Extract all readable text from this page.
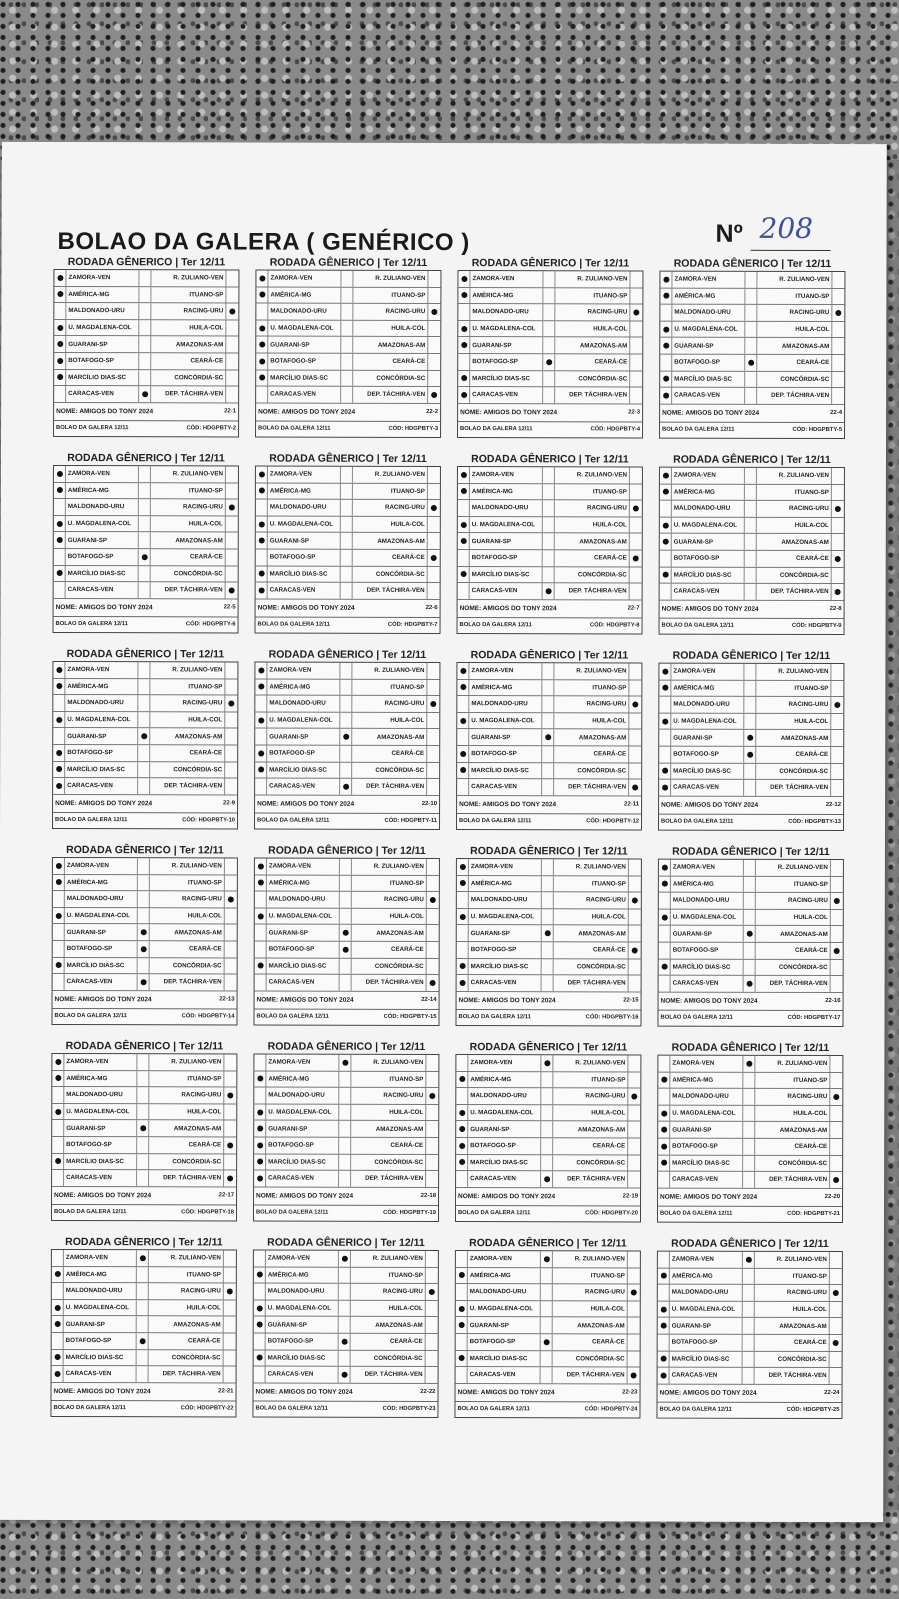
BOLAO DA GALERA ( GENÉRICO )	Nº 208
RODADA GÊNERICO | Ter 12/11
ZAMORA-VEN	R. ZULIANO-VEN
AMÉRICA-MG	ITUANO-SP
MALDONADO-URU	RACING-URU
U. MAGDALENA-COL	HUILA-COL
GUARANI-SP	AMAZONAS-AM
BOTAFOGO-SP	CEARÁ-CE
MARCÍLIO DIAS-SC	CONCÓRDIA-SC
CARACAS-VEN	DEP. TÁCHIRA-VEN
NOME: AMIGOS DO TONY 2024	22-1
BOLAO DA GALERA 12/11	CÓD: HDGPBTY-2
RODADA GÊNERICO | Ter 12/11
ZAMORA-VEN	R. ZULIANO-VEN
AMÉRICA-MG	ITUANO-SP
MALDONADO-URU	RACING-URU
U. MAGDALENA-COL	HUILA-COL
GUARANI-SP	AMAZONAS-AM
BOTAFOGO-SP	CEARÁ-CE
MARCÍLIO DIAS-SC	CONCÓRDIA-SC
CARACAS-VEN	DEP. TÁCHIRA-VEN
NOME: AMIGOS DO TONY 2024	22-2
BOLAO DA GALERA 12/11	CÓD: HDGPBTY-3
RODADA GÊNERICO | Ter 12/11
ZAMORA-VEN	R. ZULIANO-VEN
AMÉRICA-MG	ITUANO-SP
MALDONADO-URU	RACING-URU
U. MAGDALENA-COL	HUILA-COL
GUARANI-SP	AMAZONAS-AM
BOTAFOGO-SP	CEARÁ-CE
MARCÍLIO DIAS-SC	CONCÓRDIA-SC
CARACAS-VEN	DEP. TÁCHIRA-VEN
NOME: AMIGOS DO TONY 2024	22-3
BOLAO DA GALERA 12/11	CÓD: HDGPBTY-4
RODADA GÊNERICO | Ter 12/11
ZAMORA-VEN	R. ZULIANO-VEN
AMÉRICA-MG	ITUANO-SP
MALDONADO-URU	RACING-URU
U. MAGDALENA-COL	HUILA-COL
GUARANI-SP	AMAZONAS-AM
BOTAFOGO-SP	CEARÁ-CE
MARCÍLIO DIAS-SC	CONCÓRDIA-SC
CARACAS-VEN	DEP. TÁCHIRA-VEN
NOME: AMIGOS DO TONY 2024	22-4
BOLAO DA GALERA 12/11	CÓD: HDGPBTY-5
RODADA GÊNERICO | Ter 12/11
ZAMORA-VEN	R. ZULIANO-VEN
AMÉRICA-MG	ITUANO-SP
MALDONADO-URU	RACING-URU
U. MAGDALENA-COL	HUILA-COL
GUARANI-SP	AMAZONAS-AM
BOTAFOGO-SP	CEARÁ-CE
MARCÍLIO DIAS-SC	CONCÓRDIA-SC
CARACAS-VEN	DEP. TÁCHIRA-VEN
NOME: AMIGOS DO TONY 2024	22-5
BOLAO DA GALERA 12/11	CÓD: HDGPBTY-6
RODADA GÊNERICO | Ter 12/11
ZAMORA-VEN	R. ZULIANO-VEN
AMÉRICA-MG	ITUANO-SP
MALDONADO-URU	RACING-URU
U. MAGDALENA-COL	HUILA-COL
GUARANI-SP	AMAZONAS-AM
BOTAFOGO-SP	CEARÁ-CE
MARCÍLIO DIAS-SC	CONCÓRDIA-SC
CARACAS-VEN	DEP. TÁCHIRA-VEN
NOME: AMIGOS DO TONY 2024	22-6
BOLAO DA GALERA 12/11	CÓD: HDGPBTY-7
RODADA GÊNERICO | Ter 12/11
ZAMORA-VEN	R. ZULIANO-VEN
AMÉRICA-MG	ITUANO-SP
MALDONADO-URU	RACING-URU
U. MAGDALENA-COL	HUILA-COL
GUARANI-SP	AMAZONAS-AM
BOTAFOGO-SP	CEARÁ-CE
MARCÍLIO DIAS-SC	CONCÓRDIA-SC
CARACAS-VEN	DEP. TÁCHIRA-VEN
NOME: AMIGOS DO TONY 2024	22-7
BOLAO DA GALERA 12/11	CÓD: HDGPBTY-8
RODADA GÊNERICO | Ter 12/11
ZAMORA-VEN	R. ZULIANO-VEN
AMÉRICA-MG	ITUANO-SP
MALDONADO-URU	RACING-URU
U. MAGDALENA-COL	HUILA-COL
GUARANI-SP	AMAZONAS-AM
BOTAFOGO-SP	CEARÁ-CE
MARCÍLIO DIAS-SC	CONCÓRDIA-SC
CARACAS-VEN	DEP. TÁCHIRA-VEN
NOME: AMIGOS DO TONY 2024	22-8
BOLAO DA GALERA 12/11	CÓD: HDGPBTY-9
RODADA GÊNERICO | Ter 12/11
ZAMORA-VEN	R. ZULIANO-VEN
AMÉRICA-MG	ITUANO-SP
MALDONADO-URU	RACING-URU
U. MAGDALENA-COL	HUILA-COL
GUARANI-SP	AMAZONAS-AM
BOTAFOGO-SP	CEARÁ-CE
MARCÍLIO DIAS-SC	CONCÓRDIA-SC
CARACAS-VEN	DEP. TÁCHIRA-VEN
NOME: AMIGOS DO TONY 2024	22-9
BOLAO DA GALERA 12/11	CÓD: HDGPBTY-10
RODADA GÊNERICO | Ter 12/11
ZAMORA-VEN	R. ZULIANO-VEN
AMÉRICA-MG	ITUANO-SP
MALDONADO-URU	RACING-URU
U. MAGDALENA-COL	HUILA-COL
GUARANI-SP	AMAZONAS-AM
BOTAFOGO-SP	CEARÁ-CE
MARCÍLIO DIAS-SC	CONCÓRDIA-SC
CARACAS-VEN	DEP. TÁCHIRA-VEN
NOME: AMIGOS DO TONY 2024	22-10
BOLAO DA GALERA 12/11	CÓD: HDGPBTY-11
RODADA GÊNERICO | Ter 12/11
ZAMORA-VEN	R. ZULIANO-VEN
AMÉRICA-MG	ITUANO-SP
MALDONADO-URU	RACING-URU
U. MAGDALENA-COL	HUILA-COL
GUARANI-SP	AMAZONAS-AM
BOTAFOGO-SP	CEARÁ-CE
MARCÍLIO DIAS-SC	CONCÓRDIA-SC
CARACAS-VEN	DEP. TÁCHIRA-VEN
NOME: AMIGOS DO TONY 2024	22-11
BOLAO DA GALERA 12/11	CÓD: HDGPBTY-12
RODADA GÊNERICO | Ter 12/11
ZAMORA-VEN	R. ZULIANO-VEN
AMÉRICA-MG	ITUANO-SP
MALDONADO-URU	RACING-URU
U. MAGDALENA-COL	HUILA-COL
GUARANI-SP	AMAZONAS-AM
BOTAFOGO-SP	CEARÁ-CE
MARCÍLIO DIAS-SC	CONCÓRDIA-SC
CARACAS-VEN	DEP. TÁCHIRA-VEN
NOME: AMIGOS DO TONY 2024	22-12
BOLAO DA GALERA 12/11	CÓD: HDGPBTY-13
RODADA GÊNERICO | Ter 12/11
ZAMORA-VEN	R. ZULIANO-VEN
AMÉRICA-MG	ITUANO-SP
MALDONADO-URU	RACING-URU
U. MAGDALENA-COL	HUILA-COL
GUARANI-SP	AMAZONAS-AM
BOTAFOGO-SP	CEARÁ-CE
MARCÍLIO DIAS-SC	CONCÓRDIA-SC
CARACAS-VEN	DEP. TÁCHIRA-VEN
NOME: AMIGOS DO TONY 2024	22-13
BOLAO DA GALERA 12/11	CÓD: HDGPBTY-14
RODADA GÊNERICO | Ter 12/11
ZAMORA-VEN	R. ZULIANO-VEN
AMÉRICA-MG	ITUANO-SP
MALDONADO-URU	RACING-URU
U. MAGDALENA-COL	HUILA-COL
GUARANI-SP	AMAZONAS-AM
BOTAFOGO-SP	CEARÁ-CE
MARCÍLIO DIAS-SC	CONCÓRDIA-SC
CARACAS-VEN	DEP. TÁCHIRA-VEN
NOME: AMIGOS DO TONY 2024	22-14
BOLAO DA GALERA 12/11	CÓD: HDGPBTY-15
RODADA GÊNERICO | Ter 12/11
ZAMORA-VEN	R. ZULIANO-VEN
AMÉRICA-MG	ITUANO-SP
MALDONADO-URU	RACING-URU
U. MAGDALENA-COL	HUILA-COL
GUARANI-SP	AMAZONAS-AM
BOTAFOGO-SP	CEARÁ-CE
MARCÍLIO DIAS-SC	CONCÓRDIA-SC
CARACAS-VEN	DEP. TÁCHIRA-VEN
NOME: AMIGOS DO TONY 2024	22-15
BOLAO DA GALERA 12/11	CÓD: HDGPBTY-16
RODADA GÊNERICO | Ter 12/11
ZAMORA-VEN	R. ZULIANO-VEN
AMÉRICA-MG	ITUANO-SP
MALDONADO-URU	RACING-URU
U. MAGDALENA-COL	HUILA-COL
GUARANI-SP	AMAZONAS-AM
BOTAFOGO-SP	CEARÁ-CE
MARCÍLIO DIAS-SC	CONCÓRDIA-SC
CARACAS-VEN	DEP. TÁCHIRA-VEN
NOME: AMIGOS DO TONY 2024	22-16
BOLAO DA GALERA 12/11	CÓD: HDGPBTY-17
RODADA GÊNERICO | Ter 12/11
ZAMORA-VEN	R. ZULIANO-VEN
AMÉRICA-MG	ITUANO-SP
MALDONADO-URU	RACING-URU
U. MAGDALENA-COL	HUILA-COL
GUARANI-SP	AMAZONAS-AM
BOTAFOGO-SP	CEARÁ-CE
MARCÍLIO DIAS-SC	CONCÓRDIA-SC
CARACAS-VEN	DEP. TÁCHIRA-VEN
NOME: AMIGOS DO TONY 2024	22-17
BOLAO DA GALERA 12/11	CÓD: HDGPBTY-18
RODADA GÊNERICO | Ter 12/11
ZAMORA-VEN	R. ZULIANO-VEN
AMÉRICA-MG	ITUANO-SP
MALDONADO-URU	RACING-URU
U. MAGDALENA-COL	HUILA-COL
GUARANI-SP	AMAZONAS-AM
BOTAFOGO-SP	CEARÁ-CE
MARCÍLIO DIAS-SC	CONCÓRDIA-SC
CARACAS-VEN	DEP. TÁCHIRA-VEN
NOME: AMIGOS DO TONY 2024	22-18
BOLAO DA GALERA 12/11	CÓD: HDGPBTY-19
RODADA GÊNERICO | Ter 12/11
ZAMORA-VEN	R. ZULIANO-VEN
AMÉRICA-MG	ITUANO-SP
MALDONADO-URU	RACING-URU
U. MAGDALENA-COL	HUILA-COL
GUARANI-SP	AMAZONAS-AM
BOTAFOGO-SP	CEARÁ-CE
MARCÍLIO DIAS-SC	CONCÓRDIA-SC
CARACAS-VEN	DEP. TÁCHIRA-VEN
NOME: AMIGOS DO TONY 2024	22-19
BOLAO DA GALERA 12/11	CÓD: HDGPBTY-20
RODADA GÊNERICO | Ter 12/11
ZAMORA-VEN	R. ZULIANO-VEN
AMÉRICA-MG	ITUANO-SP
MALDONADO-URU	RACING-URU
U. MAGDALENA-COL	HUILA-COL
GUARANI-SP	AMAZONAS-AM
BOTAFOGO-SP	CEARÁ-CE
MARCÍLIO DIAS-SC	CONCÓRDIA-SC
CARACAS-VEN	DEP. TÁCHIRA-VEN
NOME: AMIGOS DO TONY 2024	22-20
BOLAO DA GALERA 12/11	CÓD: HDGPBTY-21
RODADA GÊNERICO | Ter 12/11
ZAMORA-VEN	R. ZULIANO-VEN
AMÉRICA-MG	ITUANO-SP
MALDONADO-URU	RACING-URU
U. MAGDALENA-COL	HUILA-COL
GUARANI-SP	AMAZONAS-AM
BOTAFOGO-SP	CEARÁ-CE
MARCÍLIO DIAS-SC	CONCÓRDIA-SC
CARACAS-VEN	DEP. TÁCHIRA-VEN
NOME: AMIGOS DO TONY 2024	22-21
BOLAO DA GALERA 12/11	CÓD: HDGPBTY-22
RODADA GÊNERICO | Ter 12/11
ZAMORA-VEN	R. ZULIANO-VEN
AMÉRICA-MG	ITUANO-SP
MALDONADO-URU	RACING-URU
U. MAGDALENA-COL	HUILA-COL
GUARANI-SP	AMAZONAS-AM
BOTAFOGO-SP	CEARÁ-CE
MARCÍLIO DIAS-SC	CONCÓRDIA-SC
CARACAS-VEN	DEP. TÁCHIRA-VEN
NOME: AMIGOS DO TONY 2024	22-22
BOLAO DA GALERA 12/11	CÓD: HDGPBTY-23
RODADA GÊNERICO | Ter 12/11
ZAMORA-VEN	R. ZULIANO-VEN
AMÉRICA-MG	ITUANO-SP
MALDONADO-URU	RACING-URU
U. MAGDALENA-COL	HUILA-COL
GUARANI-SP	AMAZONAS-AM
BOTAFOGO-SP	CEARÁ-CE
MARCÍLIO DIAS-SC	CONCÓRDIA-SC
CARACAS-VEN	DEP. TÁCHIRA-VEN
NOME: AMIGOS DO TONY 2024	22-23
BOLAO DA GALERA 12/11	CÓD: HDGPBTY-24
RODADA GÊNERICO | Ter 12/11
ZAMORA-VEN	R. ZULIANO-VEN
AMÉRICA-MG	ITUANO-SP
MALDONADO-URU	RACING-URU
U. MAGDALENA-COL	HUILA-COL
GUARANI-SP	AMAZONAS-AM
BOTAFOGO-SP	CEARÁ-CE
MARCÍLIO DIAS-SC	CONCÓRDIA-SC
CARACAS-VEN	DEP. TÁCHIRA-VEN
NOME: AMIGOS DO TONY 2024	22-24
BOLAO DA GALERA 12/11	CÓD: HDGPBTY-25
